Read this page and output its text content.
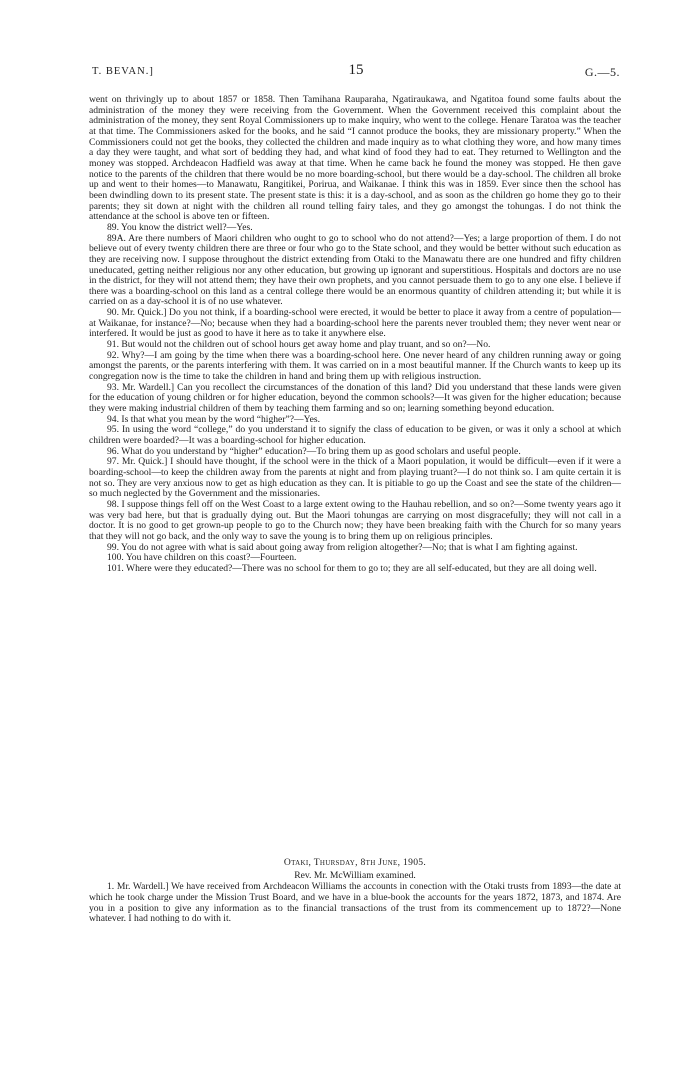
T. BEVAN.]	15	G.—5.

went on thrivingly up to about 1857 or 1858. Then Tamihana Rauparaha, Ngatiraukawa, and Ngatitoa found some faults about the administration of the money they were receiving from the Government. When the Government received this complaint about the administration of the money, they sent Royal Commissioners up to make inquiry, who went to the college. Henare Taratoa was the teacher at that time. The Commissioners asked for the books, and he said “I cannot produce the books, they are missionary property.” When the Commissioners could not get the books, they collected the children and made inquiry as to what clothing they wore, and how many times a day they were taught, and what sort of bedding they had, and what kind of food they had to eat. They returned to Wellington and the money was stopped. Archdeacon Hadfield was away at that time. When he came back he found the money was stopped. He then gave notice to the parents of the children that there would be no more boarding-school, but there would be a day-school. The children all broke up and went to their homes—to Manawatu, Rangitikei, Porirua, and Waikanae. I think this was in 1859. Ever since then the school has been dwindling down to its present state. The present state is this: it is a day-school, and as soon as the children go home they go to their parents; they sit down at night with the children all round telling fairy tales, and they go amongst the tohungas. I do not think the attendance at the school is above ten or fifteen.

89. You know the district well?—Yes.

89A. Are there numbers of Maori children who ought to go to school who do not attend?—Yes; a large proportion of them. I do not believe out of every twenty children there are three or four who go to the State school, and they would be better without such education as they are receiving now. I suppose throughout the district extending from Otaki to the Manawatu there are one hundred and fifty children uneducated, getting neither religious nor any other education, but growing up ignorant and superstitious. Hospitals and doctors are no use in the district, for they will not attend them; they have their own prophets, and you cannot persuade them to go to any one else. I believe if there was a boarding-school on this land as a central college there would be an enormous quantity of children attending it; but while it is carried on as a day-school it is of no use whatever.

90. Mr. Quick.] Do you not think, if a boarding-school were erected, it would be better to place it away from a centre of population—at Waikanae, for instance?—No; because when they had a boarding-school here the parents never troubled them; they never went near or interfered. It would be just as good to have it here as to take it anywhere else.

91. But would not the children out of school hours get away home and play truant, and so on?—No.

92. Why?—I am going by the time when there was a boarding-school here. One never heard of any children running away or going amongst the parents, or the parents interfering with them. It was carried on in a most beautiful manner. If the Church wants to keep up its congregation now is the time to take the children in hand and bring them up with religious instruction.

93. Mr. Wardell.] Can you recollect the circumstances of the donation of this land? Did you understand that these lands were given for the education of young children or for higher education, beyond the common schools?—It was given for the higher education; because they were making industrial children of them by teaching them farming and so on; learning something beyond education.

94. Is that what you mean by the word “higher”?—Yes.

95. In using the word “college,” do you understand it to signify the class of education to be given, or was it only a school at which children were boarded?—It was a boarding-school for higher education.

96. What do you understand by “higher” education?—To bring them up as good scholars and useful people.

97. Mr. Quick.] I should have thought, if the school were in the thick of a Maori population, it would be difficult—even if it were a boarding-school—to keep the children away from the parents at night and from playing truant?—I do not think so. I am quite certain it is not so. They are very anxious now to get as high education as they can. It is pitiable to go up the Coast and see the state of the children—so much neglected by the Government and the missionaries.

98. I suppose things fell off on the West Coast to a large extent owing to the Hauhau rebellion, and so on?—Some twenty years ago it was very bad here, but that is gradually dying out. But the Maori tohungas are carrying on most disgracefully; they will not call in a doctor. It is no good to get grown-up people to go to the Church now; they have been breaking faith with the Church for so many years that they will not go back, and the only way to save the young is to bring them up on religious principles.

99. You do not agree with what is said about going away from religion altogether?—No; that is what I am fighting against.

100. You have children on this coast?—Fourteen.

101. Where were they educated?—There was no school for them to go to; they are all self-educated, but they are all doing well.

Otaki, Thursday, 8th June, 1905.

Rev. Mr. McWilliam examined.

1. Mr. Wardell.] We have received from Archdeacon Williams the accounts in conection with the Otaki trusts from 1893—the date at which he took charge under the Mission Trust Board, and we have in a blue-book the accounts for the years 1872, 1873, and 1874. Are you in a position to give any information as to the financial transactions of the trust from its commencement up to 1872?—None whatever. I had nothing to do with it.
